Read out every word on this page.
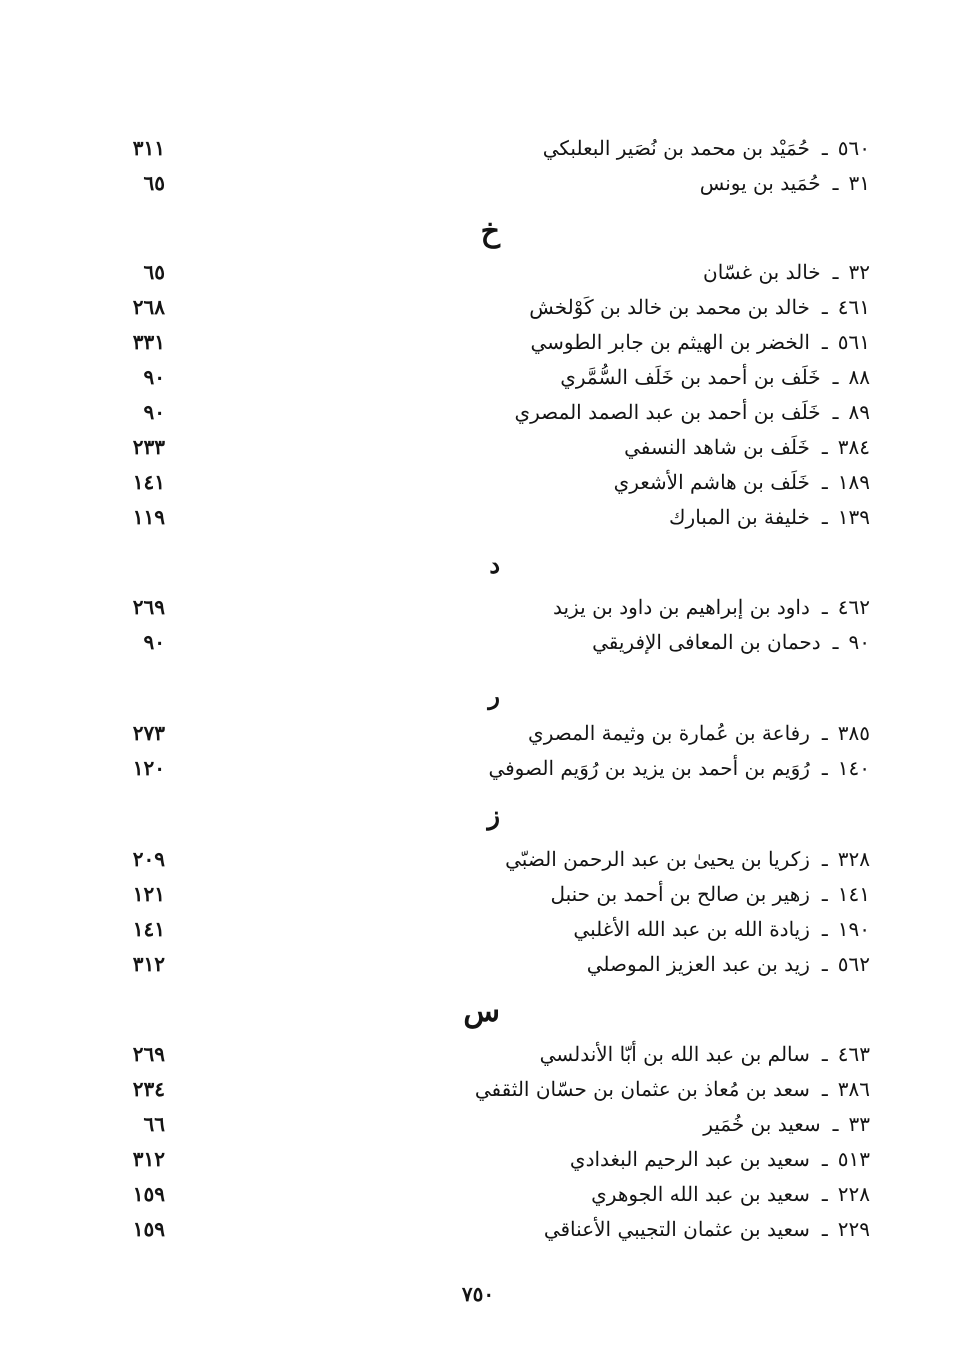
٥٦٠ـحُمَيْد بن محمد بن نُصَير البعلبكي
٣١١
٣١ـحُمَيد بن يونس
٦٥
خ
٣٢ـخالد بن غسّان
٦٥
٤٦١ـخالد بن محمد بن خالد بن كَوْلخش
٢٦٨
٥٦١ـالخضر بن الهيثم بن جابر الطوسي
٣٣١
٨٨ـخَلَف بن أحمد بن خَلَف السُّمَّري
٩٠
٨٩ـخَلَف بن أحمد بن عبد الصمد المصري
٩٠
٣٨٤ـخَلَف بن شاهد النسفي
٢٣٣
١٨٩ـخَلَف بن هاشم الأشعري
١٤١
١٣٩ـخليفة بن المبارك
١١٩
د
٤٦٢ـداود بن إبراهيم بن داود بن يزيد
٢٦٩
٩٠ـدحمان بن المعافى الإفريقي
٩٠
ر
٣٨٥ـرفاعة بن عُمارة بن وثيمة المصري
٢٧٣
١٤٠ـرُوَيم بن أحمد بن يزيد بن رُوَيم الصوفي
١٢٠
ز
٣٢٨ـزكريا بن يحيىٰ بن عبد الرحمن الضبّي
٢٠٩
١٤١ـزهير بن صالح بن أحمد بن حنبل
١٢١
١٩٠ـزيادة الله بن عبد الله الأغلبي
١٤١
٥٦٢ـزيد بن عبد العزيز الموصلي
٣١٢
س
٤٦٣ـسالم بن عبد الله بن أبّا الأندلسي
٢٦٩
٣٨٦ـسعد بن مُعاذ بن عثمان بن حسّان الثقفي
٢٣٤
٣٣ـسعيد بن خُمَير
٦٦
٥١٣ـسعيد بن عبد الرحيم البغدادي
٣١٢
٢٢٨ـسعيد بن عبد الله الجوهري
١٥٩
٢٢٩ـسعيد بن عثمان التجيبي الأعناقي
١٥٩
٧٥٠
